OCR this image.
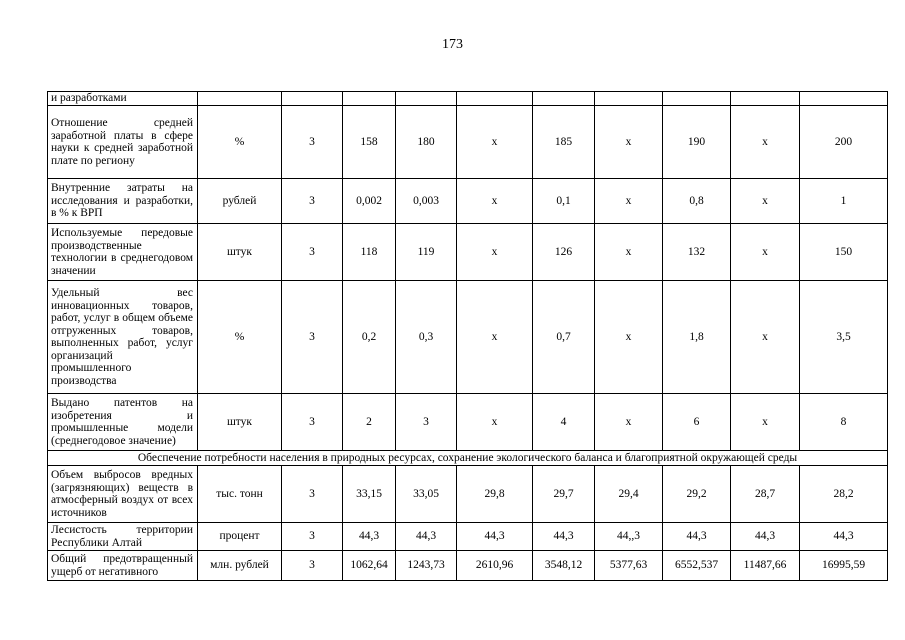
173
и разработками										
Отношение средней заработной платы в сфере науки к средней заработной плате по региону	%	3	158	180	x	185	x	190	x	200
Внутренние затраты на исследования и разработки, в % к ВРП	рублей	3	0,002	0,003	x	0,1	x	0,8	x	1
Используемые передовые производственные технологии в среднегодовом значении	штук	3	118	119	x	126	x	132	x	150
Удельный вес инновационных товаров, работ, услуг в общем объеме отгруженных товаров, выполненных работ, услуг организаций промышленного производства	%	3	0,2	0,3	x	0,7	x	1,8	x	3,5
Выдано патентов на изобретения и промышленные модели (среднегодовое значение)	штук	3	2	3	x	4	x	6	x	8
Обеспечение потребности населения в природных ресурсах, сохранение экологического баланса и благоприятной окружающей среды										
Объем выбросов вредных (загрязняющих) веществ в атмосферный воздух от всех источников	тыс. тонн	3	33,15	33,05	29,8	29,7	29,4	29,2	28,7	28,2
Лесистость территории Республики Алтай	процент	3	44,3	44,3	44,3	44,3	44,,3	44,3	44,3	44,3
Общий предотвращенный ущерб от негативного	млн. рублей	3	1062,64	1243,73	2610,96	3548,12	5377,63	6552,537	11487,66	16995,59
